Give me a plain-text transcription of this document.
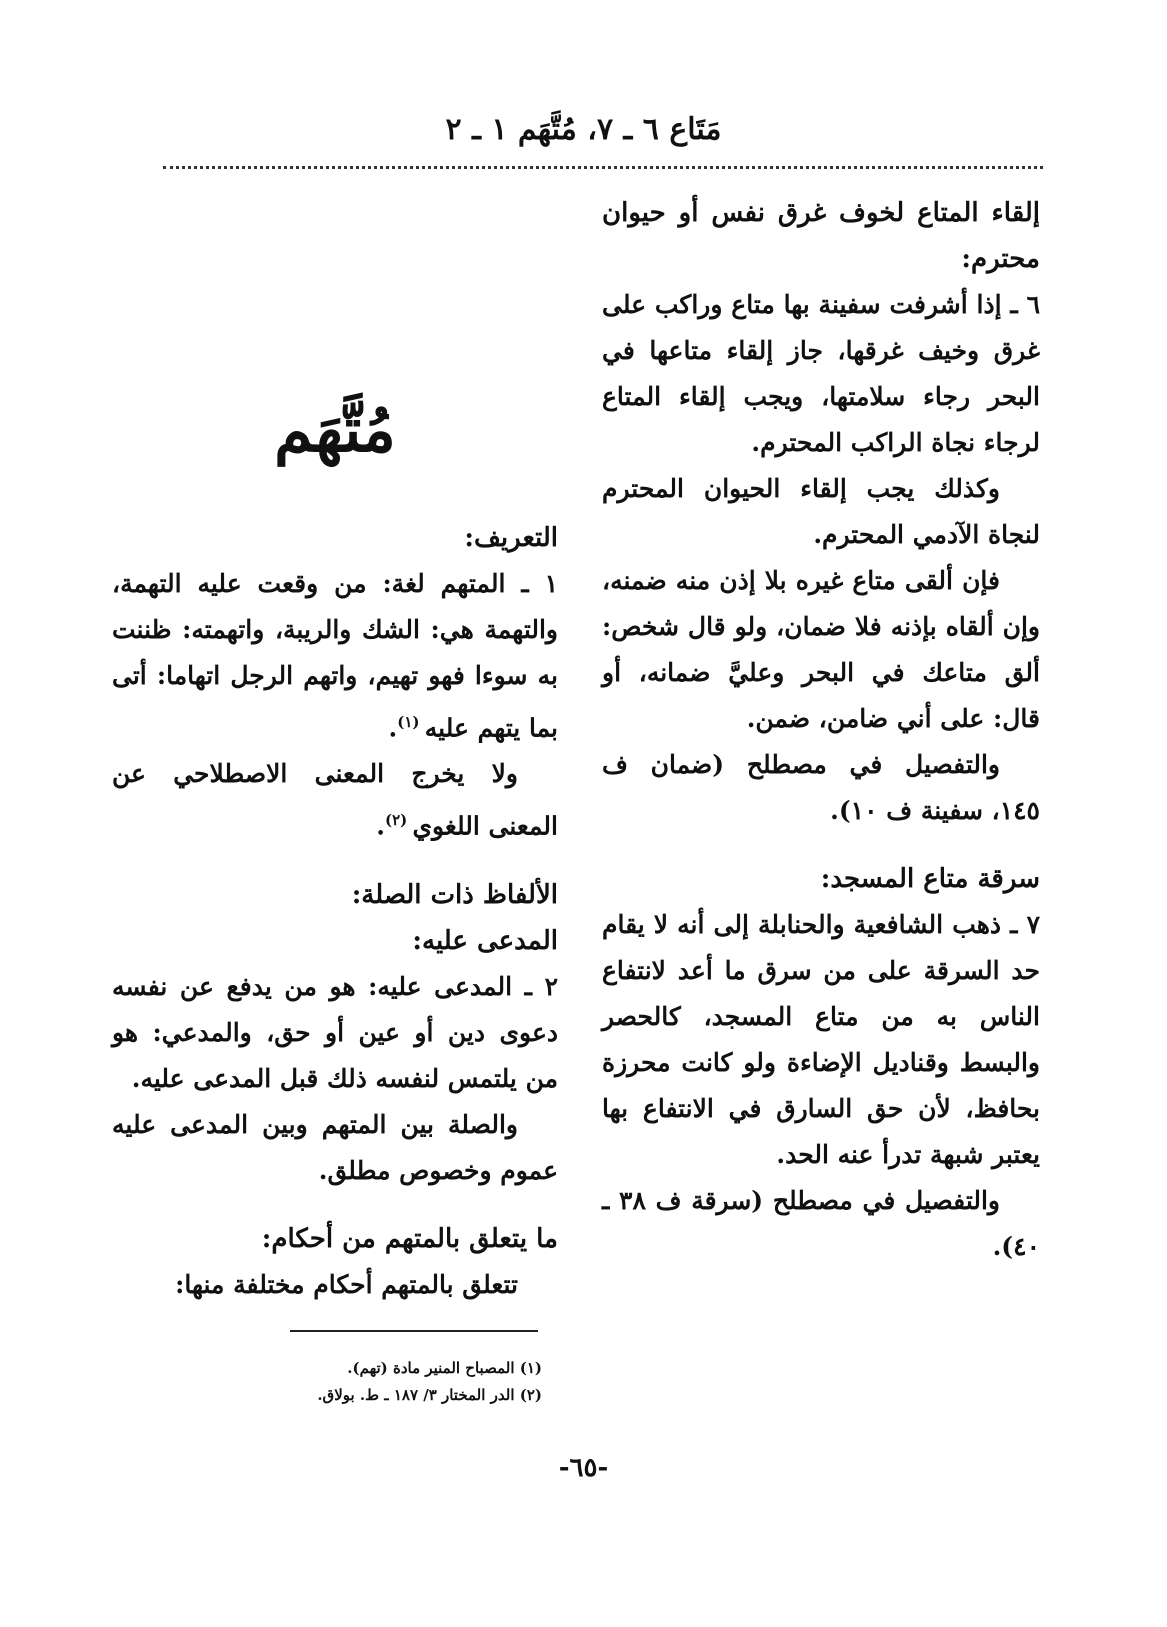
مَتَاع ٦ ـ ٧، مُتَّهَم ١ ـ ٢

إلقاء المتاع لخوف غرق نفس أو حيوان محترم:

٦ ـ إذا أشرفت سفينة بها متاع وراكب على غرق وخيف غرقها، جاز إلقاء متاعها في البحر رجاء سلامتها، ويجب إلقاء المتاع لرجاء نجاة الراكب المحترم.

وكذلك يجب إلقاء الحيوان المحترم لنجاة الآدمي المحترم.

فإن ألقى متاع غيره بلا إذن منه ضمنه، وإن ألقاه بإذنه فلا ضمان، ولو قال شخص: ألق متاعك في البحر وعليَّ ضمانه، أو قال: على أني ضامن، ضمن.

والتفصيل في مصطلح (ضمان ف ١٤٥، سفينة ف ١٠).

سرقة متاع المسجد:

٧ ـ ذهب الشافعية والحنابلة إلى أنه لا يقام حد السرقة على من سرق ما أعد لانتفاع الناس به من متاع المسجد، كالحصر والبسط وقناديل الإضاءة ولو كانت محرزة بحافظ، لأن حق السارق في الانتفاع بها يعتبر شبهة تدرأ عنه الحد.

والتفصيل في مصطلح (سرقة ف ٣٨ ـ ٤٠).

مُتَّهَم

التعريف:

١ ـ المتهم لغة: من وقعت عليه التهمة، والتهمة هي: الشك والريبة، واتهمته: ظننت به سوءا فهو تهيم، واتهم الرجل اتهاما: أتى بما يتهم عليه $^{(١)}$.

ولا يخرج المعنى الاصطلاحي عن المعنى اللغوي $^{(٢)}$.

الألفاظ ذات الصلة:

المدعى عليه:

٢ ـ المدعى عليه: هو من يدفع عن نفسه دعوى دين أو عين أو حق، والمدعي: هو من يلتمس لنفسه ذلك قبل المدعى عليه.

والصلة بين المتهم وبين المدعى عليه عموم وخصوص مطلق.

ما يتعلق بالمتهم من أحكام:

تتعلق بالمتهم أحكام مختلفة منها:

(١) المصباح المنير مادة (تهم).
(٢) الدر المختار ٣/ ١٨٧ ـ ط. بولاق.
-٦٥-
